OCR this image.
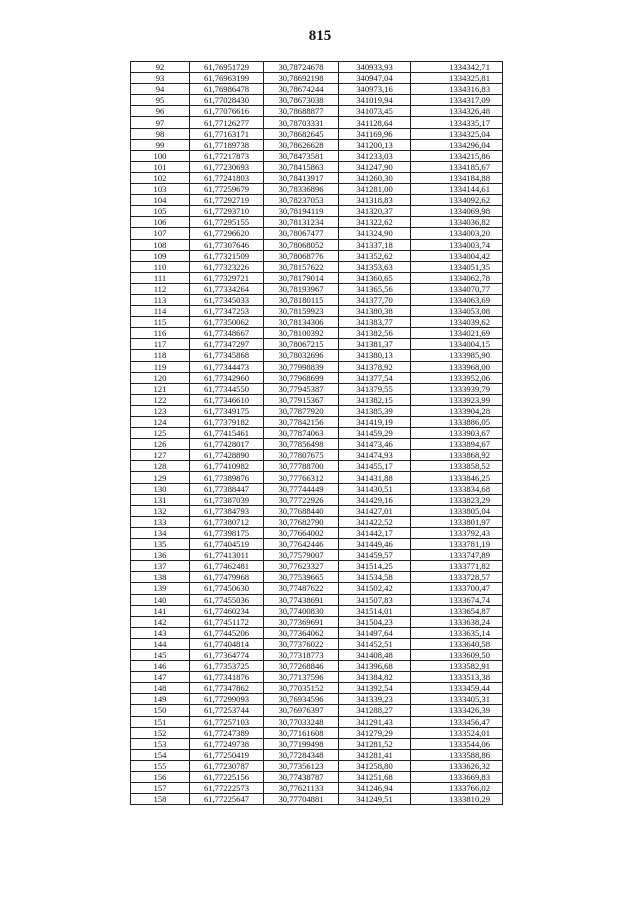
815
92	61,76951729	30,78724678	340933,93	1334342,71
93	61,76963199	30,78692198	340947,04	1334325,81
94	61,76986478	30,78674244	340973,16	1334316,83
95	61,77028430	30,78673038	341019,94	1334317,09
96	61,77076616	30,78688877	341073,45	1334326,48
97	61,77126277	30,78703331	341128,64	1334335,17
98	61,77163171	30,78682645	341169,96	1334325,04
99	61,77189738	30,78626628	341200,13	1334296,04
100	61,77217873	30,78473581	341233,03	1334215,86
101	61,77230693	30,78415863	341247,90	1334185,67
102	61,77241803	30,78413917	341260,30	1334184,88
103	61,77259679	30,78336896	341281,00	1334144,61
104	61,77292719	30,78237053	341318,83	1334092,62
105	61,77293710	30,78194119	341320,37	1334069,98
106	61,77295155	30,78131234	341322,62	1334036,82
107	61,77296620	30,78067477	341324,90	1334003,20
108	61,77307646	30,78068052	341337,18	1334003,74
109	61,77321509	30,78068776	341352,62	1334004,42
110	61,77323226	30,78157622	341353,63	1334051,35
111	61,77329721	30,78179014	341360,65	1334062,78
112	61,77334264	30,78193967	341365,56	1334070,77
113	61,77345033	30,78180115	341377,70	1334063,69
114	61,77347253	30,78159923	341380,38	1334053,08
115	61,77350062	30,78134306	341383,77	1334039,62
116	61,77348667	30,78100392	341382,56	1334021,69
117	61,77347297	30,78067215	341381,37	1334004,15
118	61,77345868	30,78032696	341380,13	1333985,90
119	61,77344473	30,77998839	341378,92	1333968,00
120	61,77342960	30,77968699	341377,54	1333952,06
121	61,77344550	30,77945387	341379,55	1333939,79
122	61,77346610	30,77915367	341382,15	1333923,99
123	61,77349175	30,77877920	341385,39	1333904,28
124	61,77379182	30,77842156	341419,19	1333886,05
125	61,77415461	30,77874063	341459,29	1333903,67
126	61,77428017	30,77856498	341473,46	1333894,67
127	61,77428890	30,77807675	341474,93	1333868,92
128	61,77410982	30,77788700	341455,17	1333858,52
129	61,77389876	30,77766312	341431,88	1333846,25
130	61,77388447	30,77744449	341430,51	1333834,68
131	61,77387039	30,77722926	341429,16	1333823,29
132	61,77384793	30,77688440	341427,01	1333805,04
133	61,77380712	30,77682790	341422,52	1333801,97
134	61,77398175	30,77664002	341442,17	1333792,43
135	61,77404519	30,77642446	341449,46	1333781,19
136	61,77413011	30,77579007	341459,57	1333747,89
137	61,77462481	30,77623327	341514,25	1333771,82
138	61,77479968	30,77539665	341534,58	1333728,57
139	61,77450630	30,77487622	341502,42	1333700,47
140	61,77455036	30,77438691	341507,83	1333674,74
141	61,77460234	30,77400830	341514,01	1333654,87
142	61,77451172	30,77369691	341504,23	1333638,24
143	61,77445206	30,77364062	341497,64	1333635,14
144	61,77404814	30,77376022	341452,51	1333640,58
145	61,77364774	30,77318773	341408,48	1333609,50
146	61,77353725	30,77268846	341396,68	1333582,91
147	61,77341876	30,77137596	341384,82	1333513,38
148	61,77347862	30,77035152	341392,54	1333459,44
149	61,77299093	30,76934596	341339,23	1333405,31
150	61,77253744	30,76976397	341288,27	1333426,39
151	61,77257103	30,77033248	341291,43	1333456,47
152	61,77247389	30,77161608	341279,29	1333524,01
153	61,77249738	30,77199498	341281,52	1333544,06
154	61,77250419	30,77284348	341281,41	1333588,86
155	61,77230787	30,77356123	341258,80	1333626,32
156	61,77225156	30,77438787	341251,68	1333669,83
157	61,77222573	30,77621133	341246,94	1333766,02
158	61,77225647	30,77704881	341249,51	1333810,29
